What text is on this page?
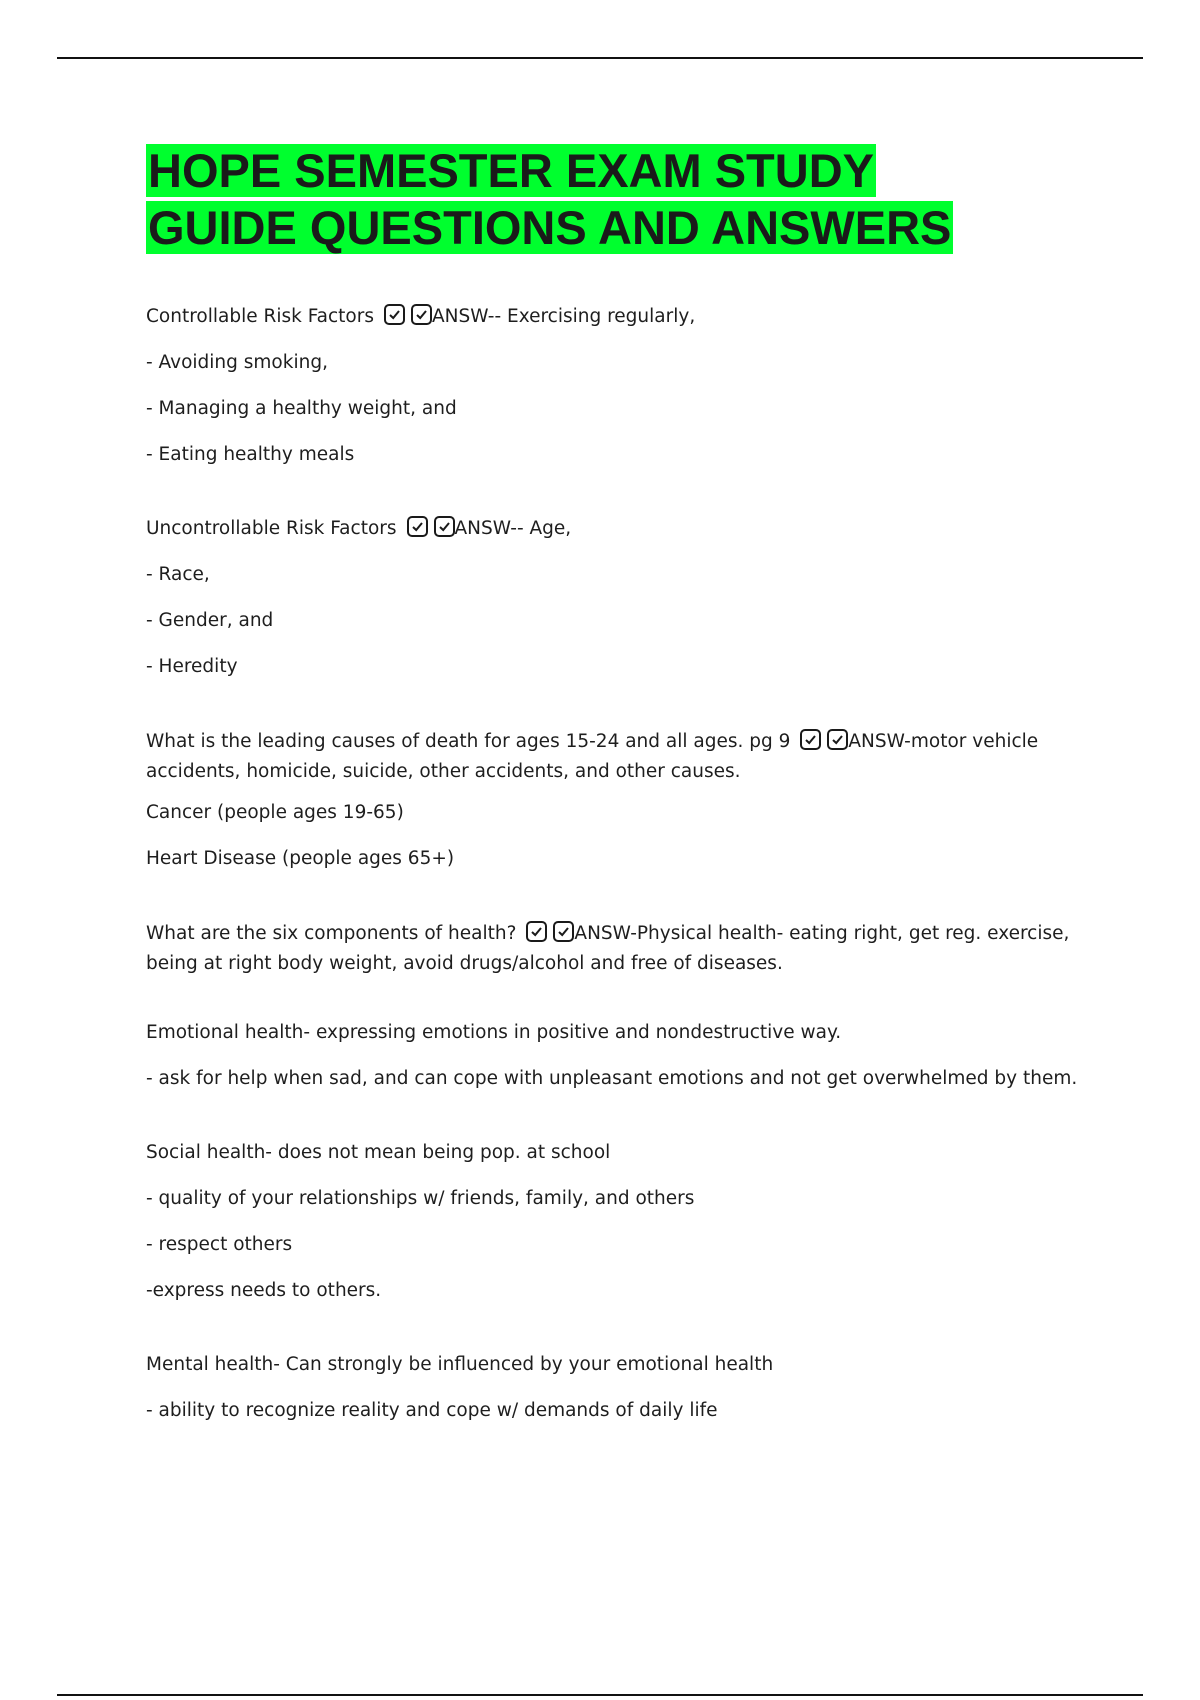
HOPE SEMESTER EXAM STUDY GUIDE QUESTIONS AND ANSWERS

Controllable Risk Factors	ANSW-- Exercising regularly,

- Avoiding smoking,

- Managing a healthy weight, and

- Eating healthy meals

Uncontrollable Risk Factors	ANSW-- Age,

- Race,

- Gender, and

- Heredity

What is the leading causes of death for ages 15-24 and all ages. pg 9	ANSW-motor vehicle accidents, homicide, suicide, other accidents, and other causes.

Cancer (people ages 19-65)

Heart Disease (people ages 65+)

What are the six components of health?	ANSW-Physical health- eating right, get reg. exercise, being at right body weight, avoid drugs/alcohol and free of diseases.

Emotional health- expressing emotions in positive and nondestructive way.

- ask for help when sad, and can cope with unpleasant emotions and not get overwhelmed by them.

Social health- does not mean being pop. at school

- quality of your relationships w/ friends, family, and others

- respect others

-express needs to others.

Mental health- Can strongly be influenced by your emotional health

- ability to recognize reality and cope w/ demands of daily life
